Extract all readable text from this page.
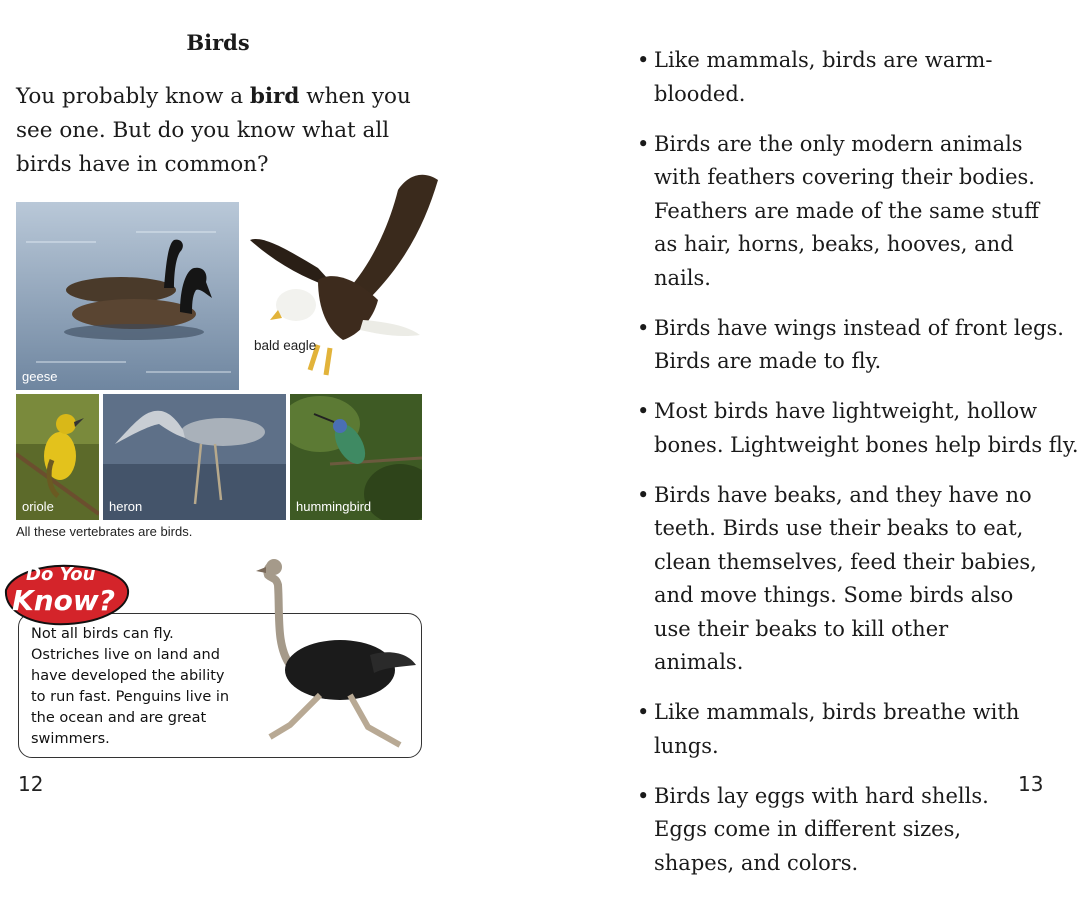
Birds
You probably know a bird when you see one. But do you know what all birds have in common?
geese
bald eagle
oriole	heron	hummingbird
All these vertebrates are birds.
Do You
Know?
Not all birds can fly. Ostriches live on land and have developed the ability to run fast. Penguins live in the ocean and are great swimmers.
12
• Like mammals, birds are warm-blooded.
• Birds are the only modern animals with feathers covering their bodies. Feathers are made of the same stuff as hair, horns, beaks, hooves, and nails.
• Birds have wings instead of front legs. Birds are made to fly.
• Most birds have lightweight, hollow bones. Lightweight bones help birds fly.
• Birds have beaks, and they have no teeth. Birds use their beaks to eat, clean themselves, feed their babies, and move things. Some birds also use their beaks to kill other animals.
• Like mammals, birds breathe with lungs.
• Birds lay eggs with hard shells. Eggs come in different sizes, shapes, and colors.
13
